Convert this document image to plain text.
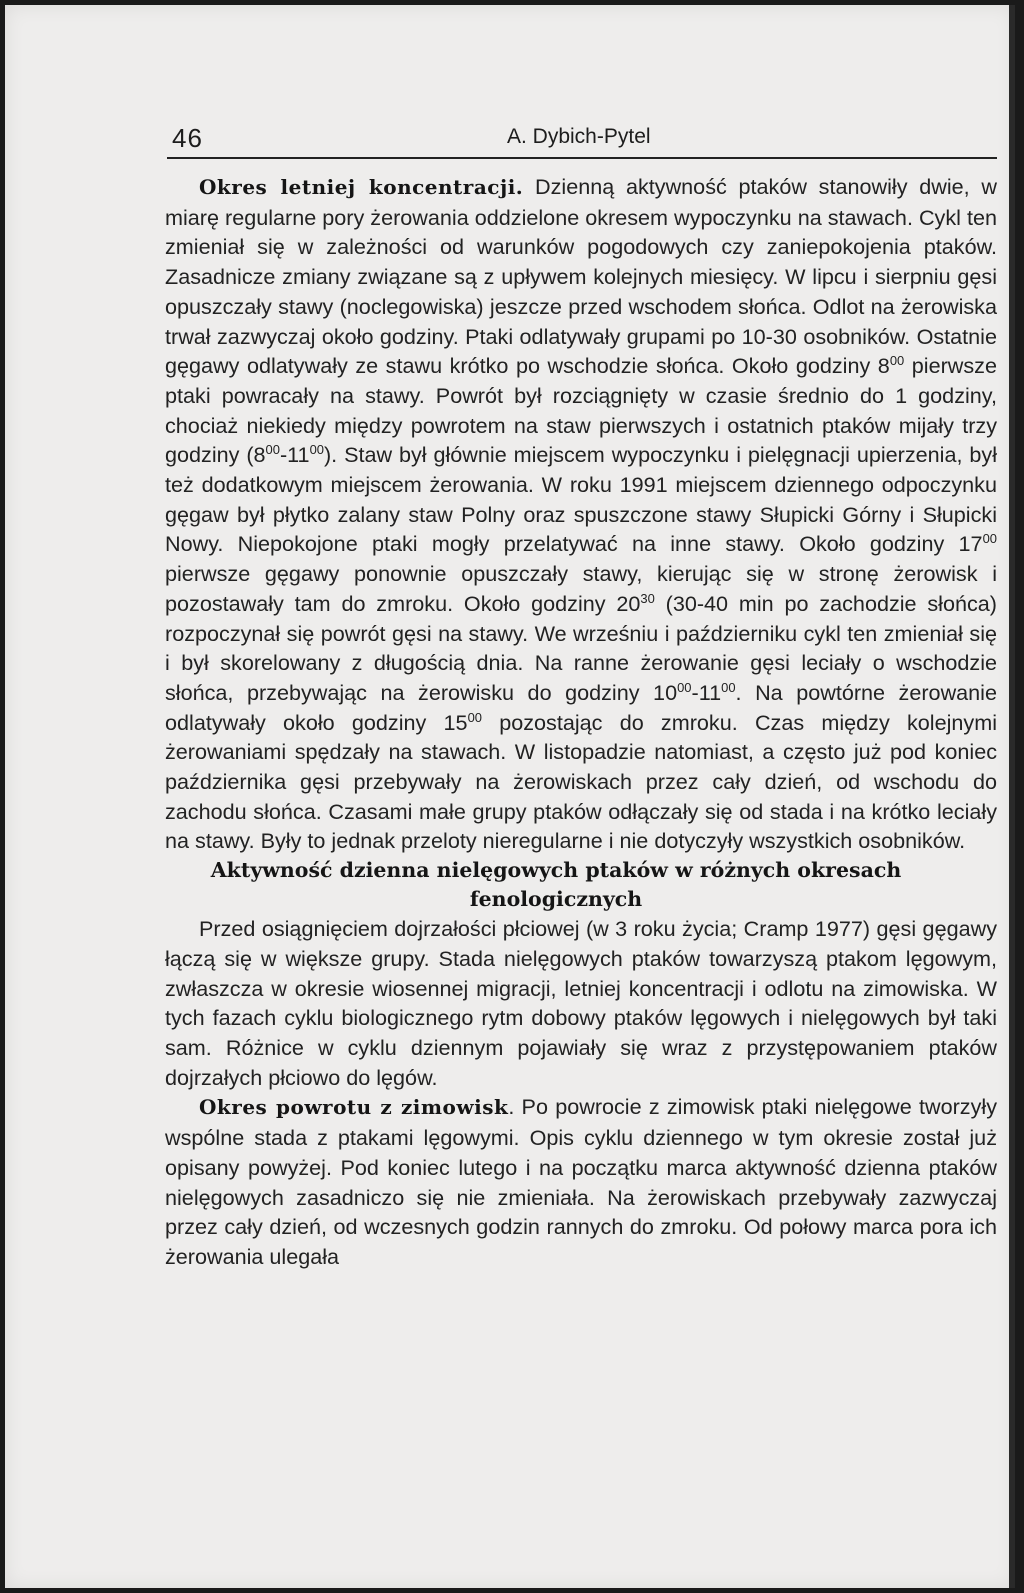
46	A. Dybich-Pytel

Okres letniej koncentracji. Dzienną aktywność ptaków stanowiły dwie, w miarę regularne pory żerowania oddzielone okresem wypoczynku na stawach. Cykl ten zmieniał się w zależności od warunków pogodowych czy zaniepokojenia ptaków. Zasadnicze zmiany związane są z upływem kolejnych miesięcy. W lipcu i sierpniu gęsi opuszczały stawy (noclegowiska) jeszcze przed wschodem słońca. Odlot na żerowiska trwał zazwyczaj około godziny. Ptaki odlatywały grupami po 10-30 osobników. Ostatnie gęgawy odlatywały ze stawu krótko po wschodzie słońca. Około godziny $8^{00}$ pierwsze ptaki powracały na stawy. Powrót był rozciągnięty w czasie średnio do 1 godziny, chociaż niekiedy między powrotem na staw pierwszych i ostatnich ptaków mijały trzy godziny $(8^{00}-11^{00})$. Staw był głównie miejscem wypoczynku i pielęgnacji upierzenia, był też dodatkowym miejscem żerowania. W roku 1991 miejscem dziennego odpoczynku gęgaw był płytko zalany staw Polny oraz spuszczone stawy Słupicki Górny i Słupicki Nowy. Niepokojone ptaki mogły przelatywać na inne stawy. Około godziny $17^{00}$ pierwsze gęgawy ponownie opuszczały stawy, kierując się w stronę żerowisk i pozostawały tam do zmroku. Około godziny $20^{30}$ (30-40 min po zachodzie słońca) rozpoczynał się powrót gęsi na stawy. We wrześniu i październiku cykl ten zmieniał się i był skorelowany z długością dnia. Na ranne żerowanie gęsi leciały o wschodzie słońca, przebywając na żerowisku do godziny $10^{00}-11^{00}$. Na powtórne żerowanie odlatywały około godziny $15^{00}$ pozostając do zmroku. Czas między kolejnymi żerowaniami spędzały na stawach. W listopadzie natomiast, a często już pod koniec października gęsi przebywały na żerowiskach przez cały dzień, od wschodu do zachodu słońca. Czasami małe grupy ptaków odłączały się od stada i na krótko leciały na stawy. Były to jednak przeloty nieregularne i nie dotyczyły wszystkich osobników.

Aktywność dzienna nielęgowych ptaków w różnych okresach
fenologicznych

Przed osiągnięciem dojrzałości płciowej (w 3 roku życia; Cramp 1977) gęsi gęgawy łączą się w większe grupy. Stada nielęgowych ptaków towarzyszą ptakom lęgowym, zwłaszcza w okresie wiosennej migracji, letniej koncentracji i odlotu na zimowiska. W tych fazach cyklu biologicznego rytm dobowy ptaków lęgowych i nielęgowych był taki sam. Różnice w cyklu dziennym pojawiały się wraz z przystępowaniem ptaków dojrzałych płciowo do lęgów.

Okres powrotu z zimowisk. Po powrocie z zimowisk ptaki nielęgowe tworzyły wspólne stada z ptakami lęgowymi. Opis cyklu dziennego w tym okresie został już opisany powyżej. Pod koniec lutego i na początku marca aktywność dzienna ptaków nielęgowych zasadniczo się nie zmieniała. Na żerowiskach przebywały zazwyczaj przez cały dzień, od wczesnych godzin rannych do zmroku. Od połowy marca pora ich żerowania ulegała
